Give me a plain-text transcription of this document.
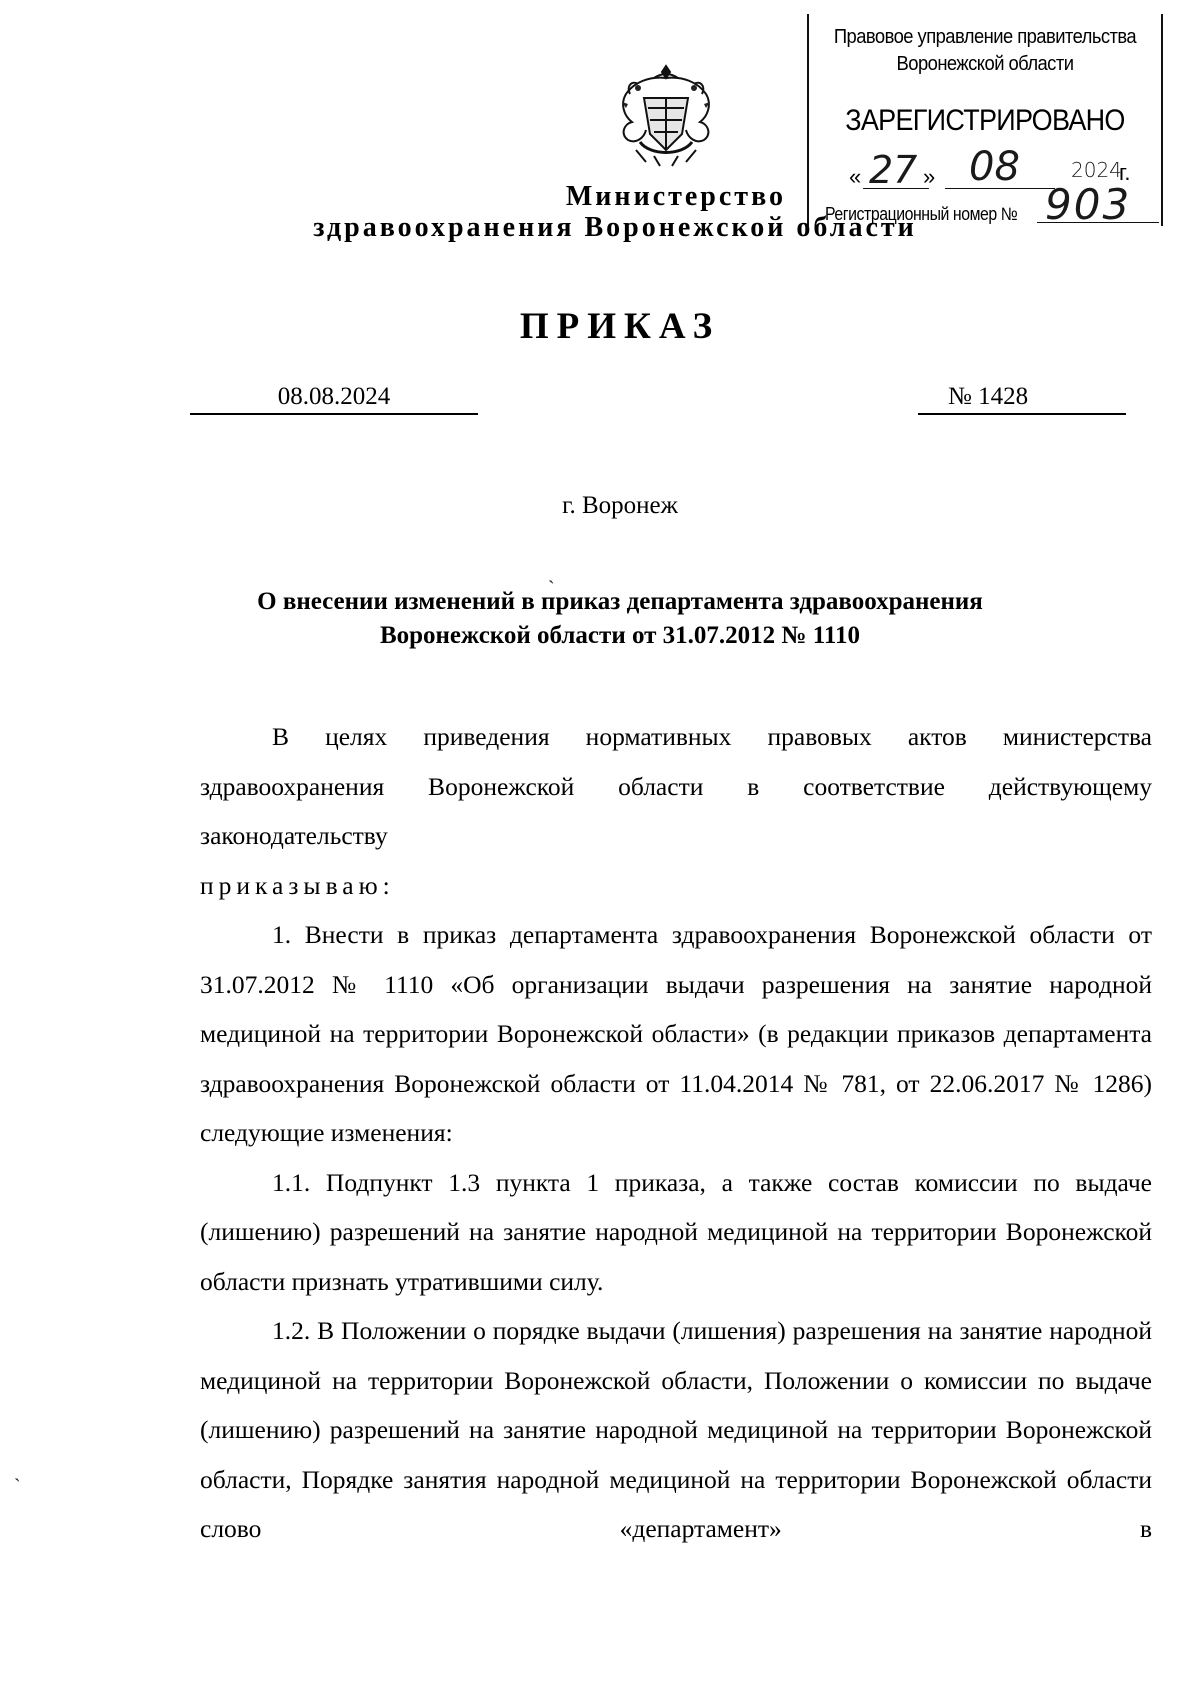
Правовое управление правительства
Воронежской области
ЗАРЕГИСТРИРОВАНО
« 27 » 08	2024
г.
Регистрационный номер № 903
Министерство
здравоохранения Воронежской области
ПРИКАЗ
08.08.2024	№ 1428
г. Воронеж
О внесении изменений в приказ департамента здравоохранения
Воронежской области от 31.07.2012 № 1110

В целях приведения нормативных правовых актов министерства здравоохранения Воронежской области в соответствие действующему законодательству

приказываю:

1. Внести в приказ департамента здравоохранения Воронежской области от 31.07.2012 № 1110 «Об организации выдачи разрешения на занятие народной медициной на территории Воронежской области» (в редакции приказов департамента здравоохранения Воронежской области от 11.04.2014 № 781, от 22.06.2017 № 1286) следующие изменения:

1.1. Подпункт 1.3 пункта 1 приказа, а также состав комиссии по выдаче (лишению) разрешений на занятие народной медициной на территории Воронежской области признать утратившими силу.

1.2. В Положении о порядке выдачи (лишения) разрешения на занятие народной медициной на территории Воронежской области, Положении о комиссии по выдаче (лишению) разрешений на занятие народной медициной на территории Воронежской области, Порядке занятия народной медициной на территории Воронежской области слово «департамент» в

ˏ
ˏ
